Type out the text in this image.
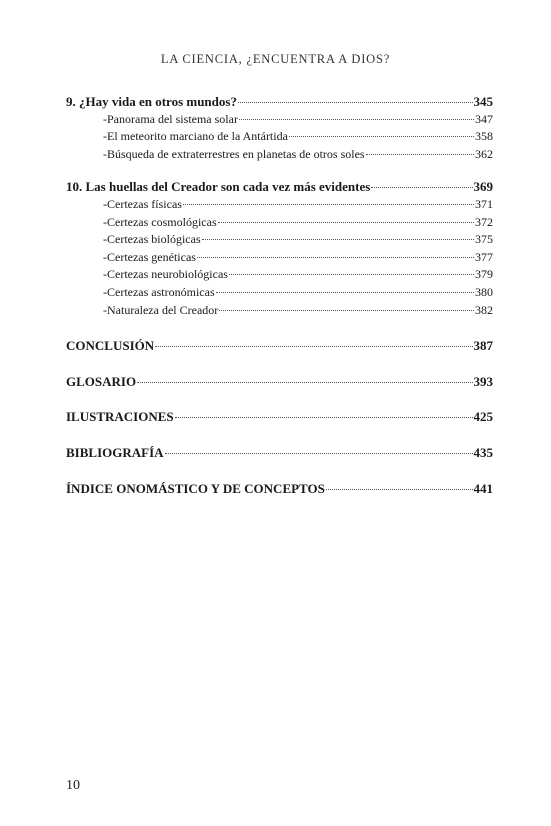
LA CIENCIA, ¿ENCUENTRA A DIOS?
9. ¿Hay vida en otros mundos?	345
-Panorama del sistema solar	347
-El meteorito marciano de la Antártida	358
-Búsqueda de extraterrestres en planetas de otros soles	362
10. Las huellas del Creador son cada vez más evidentes	369
-Certezas físicas	371
-Certezas cosmológicas	372
-Certezas biológicas	375
-Certezas genéticas	377
-Certezas neurobiológicas	379
-Certezas astronómicas	380
-Naturaleza del Creador	382
CONCLUSIÓN	387
GLOSARIO	393
ILUSTRACIONES	425
BIBLIOGRAFÍA	435
ÍNDICE ONOMÁSTICO Y DE CONCEPTOS	441
10
